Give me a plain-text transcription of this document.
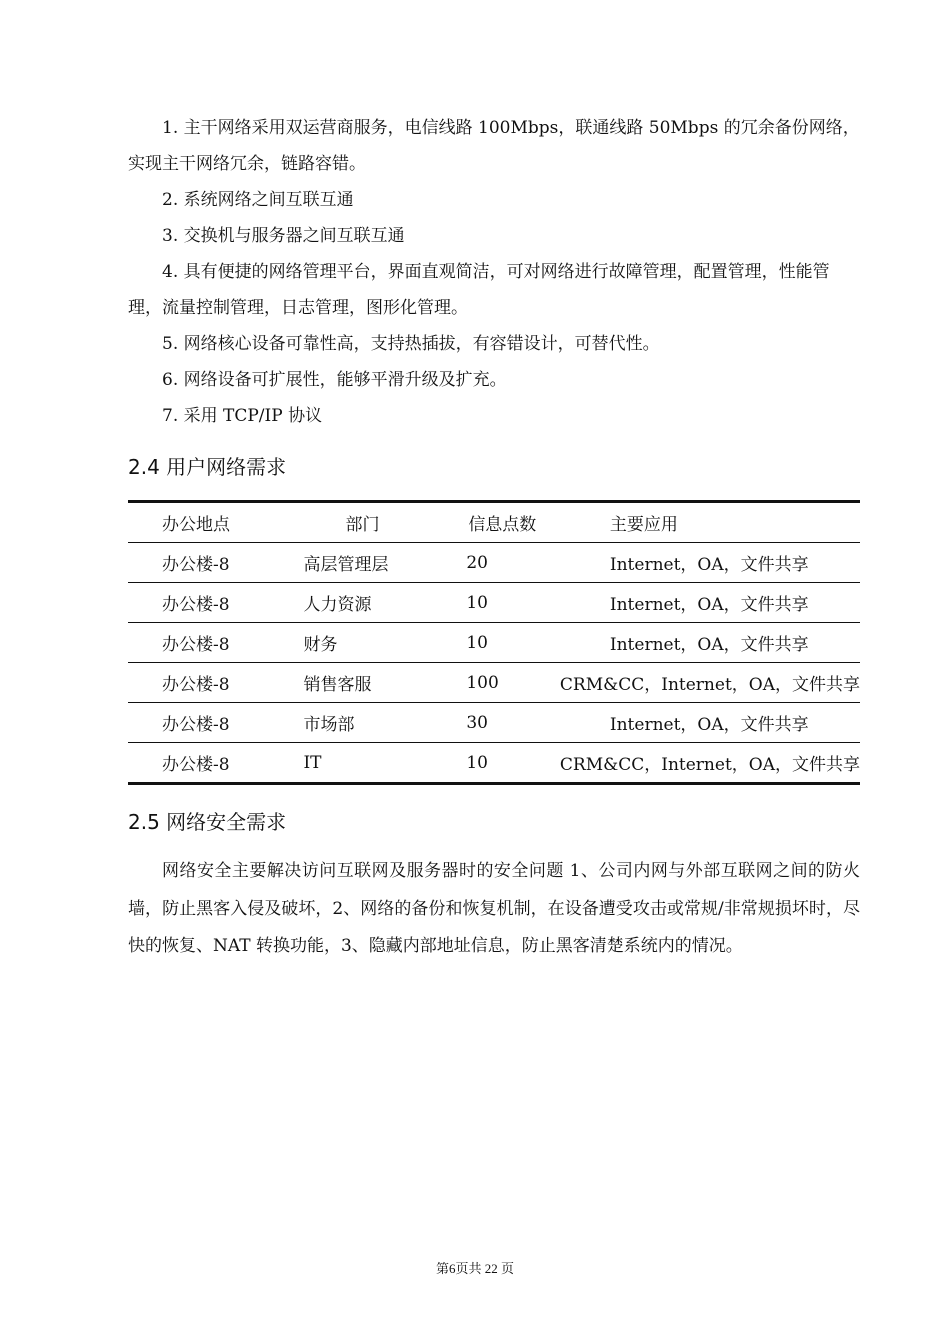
1. 主干网络采用双运营商服务，电信线路 100Mbps，联通线路 50Mbps 的冗余备份网络，实现主干网络冗余，链路容错。

2. 系统网络之间互联互通

3. 交换机与服务器之间互联互通

4. 具有便捷的网络管理平台，界面直观简洁，可对网络进行故障管理，配置管理，性能管理，流量控制管理，日志管理，图形化管理。

5. 网络核心设备可靠性高，支持热插拔，有容错设计，可替代性。

6. 网络设备可扩展性，能够平滑升级及扩充。

7. 采用 TCP/IP 协议

2.4 用户网络需求
办公地点	部门	信息点数	主要应用
办公楼-8	高层管理层	20	Internet，OA，文件共享
办公楼-8	人力资源	10	Internet，OA，文件共享
办公楼-8	财务	10	Internet，OA，文件共享
办公楼-8	销售客服	100	CRM&CC，Internet，OA，文件共享
办公楼-8	市场部	30	Internet，OA，文件共享
办公楼-8	IT	10	CRM&CC，Internet，OA，文件共享
2.5 网络安全需求

网络安全主要解决访问互联网及服务器时的安全问题 1、公司内网与外部互联网之间的防火墙，防止黑客入侵及破坏，2、网络的备份和恢复机制，在设备遭受攻击或常规/非常规损坏时，尽快的恢复、NAT 转换功能，3、隐藏内部地址信息，防止黑客清楚系统内的情况。

第6页共 22 页
